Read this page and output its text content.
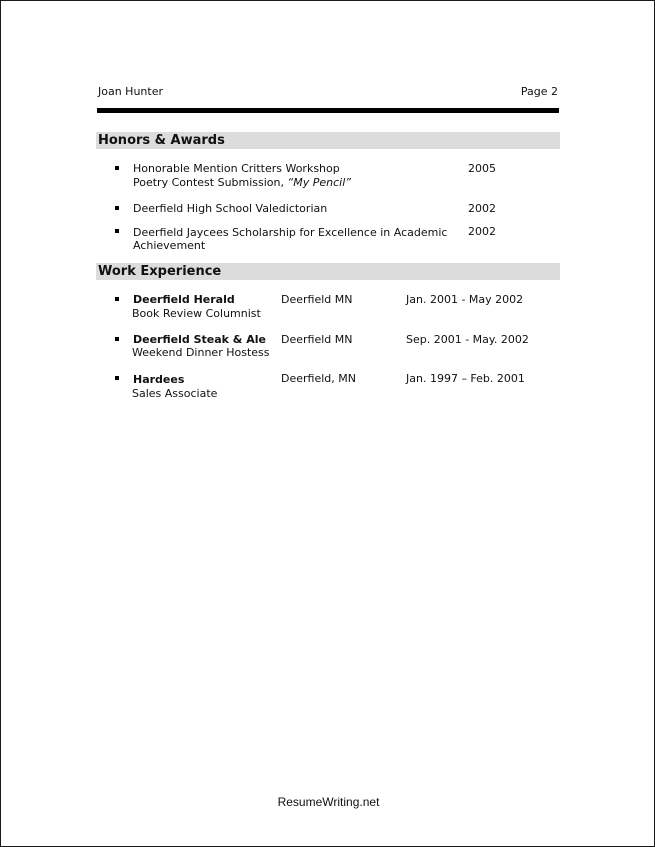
Joan Hunter	Page 2
Honors & Awards
Honorable Mention Critters Workshop
Poetry Contest Submission, “My Pencil”
2005
Deerfield High School Valedictorian	2002
Deerfield Jaycees Scholarship for Excellence in Academic
Achievement
2002
Work Experience
Deerfield Herald
Book Review Columnist
Deerfield MN	Jan. 2001 - May 2002
Deerfield Steak & Ale
Weekend Dinner Hostess
Deerfield MN	Sep. 2001 - May. 2002
Hardees
Sales Associate
Deerfield, MN	Jan. 1997 – Feb. 2001
ResumeWriting.net
